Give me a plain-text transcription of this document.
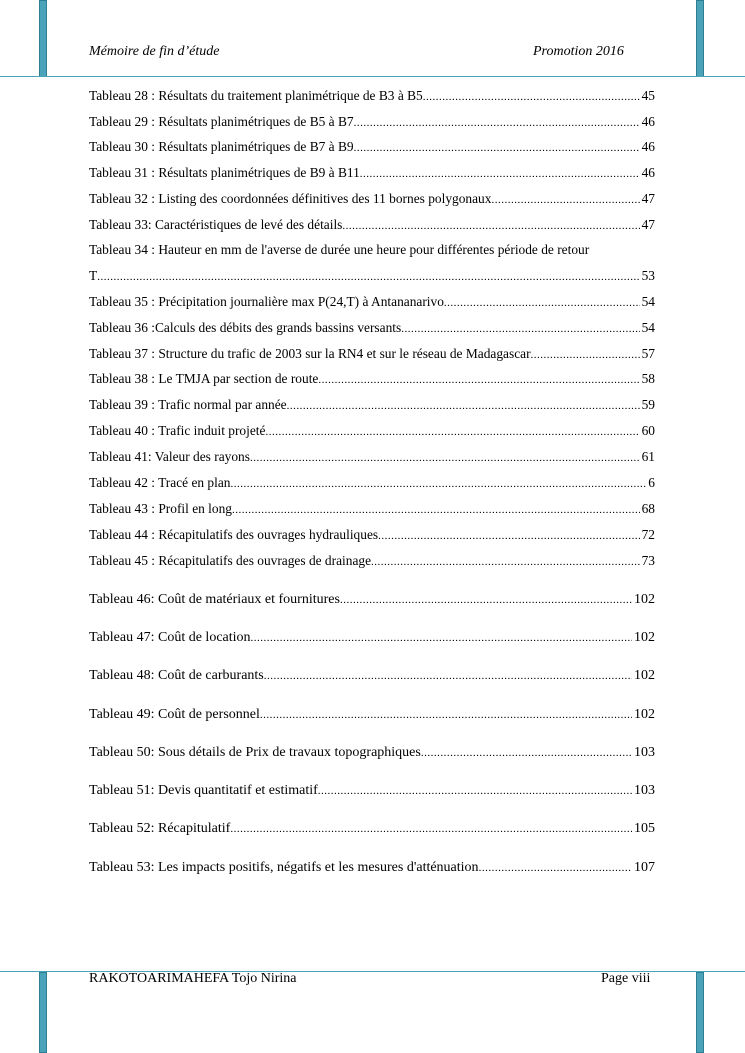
Mémoire de fin d’étude	Promotion 2016
Tableau 28 : Résultats du traitement planimétrique de B3 à B5 .....	45
Tableau 29 : Résultats planimétriques de B5 à B7 .....	46
Tableau 30 : Résultats planimétriques de B7 à B9 .....	46
Tableau 31 : Résultats planimétriques de B9 à B11 .....	46
Tableau 32 : Listing des coordonnées définitives des 11 bornes polygonaux .....	47
Tableau 33: Caractéristiques de levé des détails .....	47
Tableau 34 : Hauteur en mm de l'averse de durée une heure pour différentes période de retour
T .....	53
Tableau 35 : Précipitation journalière max P(24,T) à Antananarivo .....	54
Tableau 36 :Calculs des débits des grands bassins versants .....	54
Tableau 37 : Structure du trafic de 2003 sur la RN4 et sur le réseau de Madagascar .....	57
Tableau 38 : Le TMJA par section de route .....	58
Tableau 39 : Trafic normal par année .....	59
Tableau 40 : Trafic induit projeté .....	60
Tableau 41: Valeur des rayons .....	61
Tableau 42 : Tracé en plan .....	6
Tableau 43 : Profil en long .....	68
Tableau 44 : Récapitulatifs des ouvrages hydrauliques .....	72
Tableau 45 : Récapitulatifs des ouvrages de drainage .....	73
Tableau 46: Coût de matériaux et fournitures .....	102
Tableau 47: Coût de location .....	102
Tableau 48: Coût de carburants .....	102
Tableau 49: Coût de personnel .....	102
Tableau 50: Sous détails de Prix de travaux topographiques .....	103
Tableau 51: Devis quantitatif et estimatif .....	103
Tableau 52: Récapitulatif .....	105
Tableau 53: Les impacts positifs, négatifs et les mesures d'atténuation .....	107
RAKOTOARIMAHEFA Tojo Nirina	Page viii
